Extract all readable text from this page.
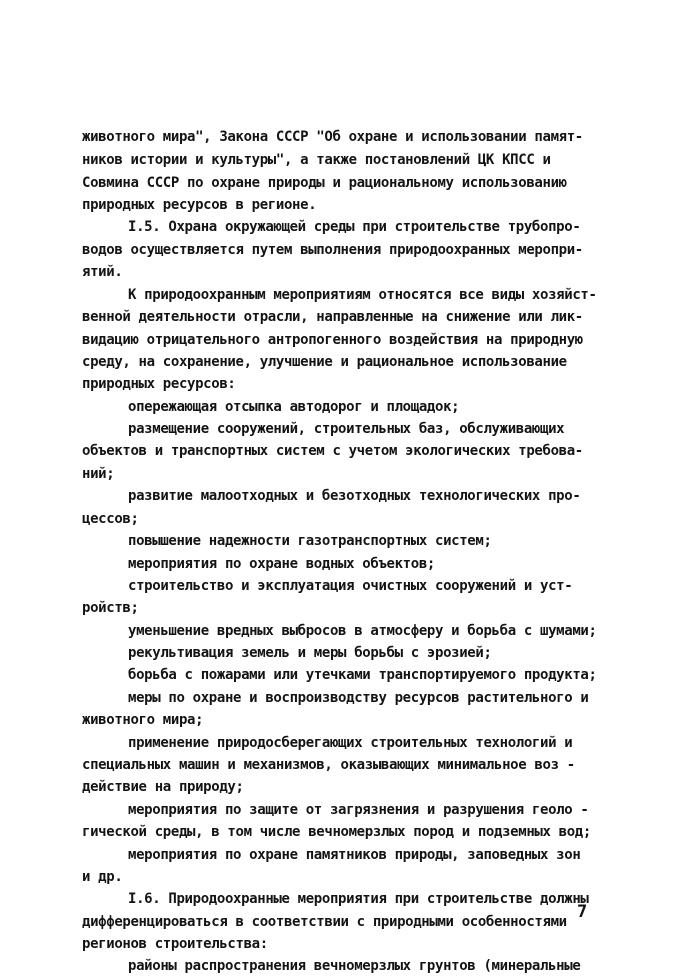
животного мира", Закона СССР "Об охране и использовании памят-
ников истории и культуры", а также постановлений ЦК КПСС и
Совмина СССР по охране природы и рациональному использованию
природных ресурсов в регионе.
I.5. Охрана окружающей среды при строительстве трубопро-
водов осуществляется путем выполнения природоохранных меропри-
ятий.
К природоохранным мероприятиям относятся все виды хозяйст-
венной деятельности отрасли, направленные на снижение или лик-
видацию отрицательного антропогенного воздействия на природную
среду, на сохранение, улучшение и рациональное использование
природных ресурсов:
опережающая отсыпка автодорог и площадок;
размещение сооружений, строительных баз, обслуживающих
объектов и транспортных систем с учетом экологических требова-
ний;
развитие малоотходных и безотходных технологических про-
цессов;
повышение надежности газотранспортных систем;
мероприятия по охране водных объектов;
строительство и эксплуатация очистных сооружений и уст-
ройств;
уменьшение вредных выбросов в атмосферу и борьба с шумами;
рекультивация земель и меры борьбы с эрозией;
борьба с пожарами или утечками транспортируемого продукта;
меры по охране и воспроизводству ресурсов растительного и
животного мира;
применение природосберегающих строительных технологий и
специальных машин и механизмов, оказывающих минимальное воз -
действие на природу;
мероприятия по защите от загрязнения и разрушения геоло -
гической среды, в том числе вечномерзлых пород и подземных вод;
мероприятия по охране памятников природы, заповедных зон
и др.
I.6. Природоохранные мероприятия при строительстве должны
дифференцироваться в соответствии с природными особенностями
регионов строительства:
районы распространения вечномерзлых грунтов (минеральные
7
